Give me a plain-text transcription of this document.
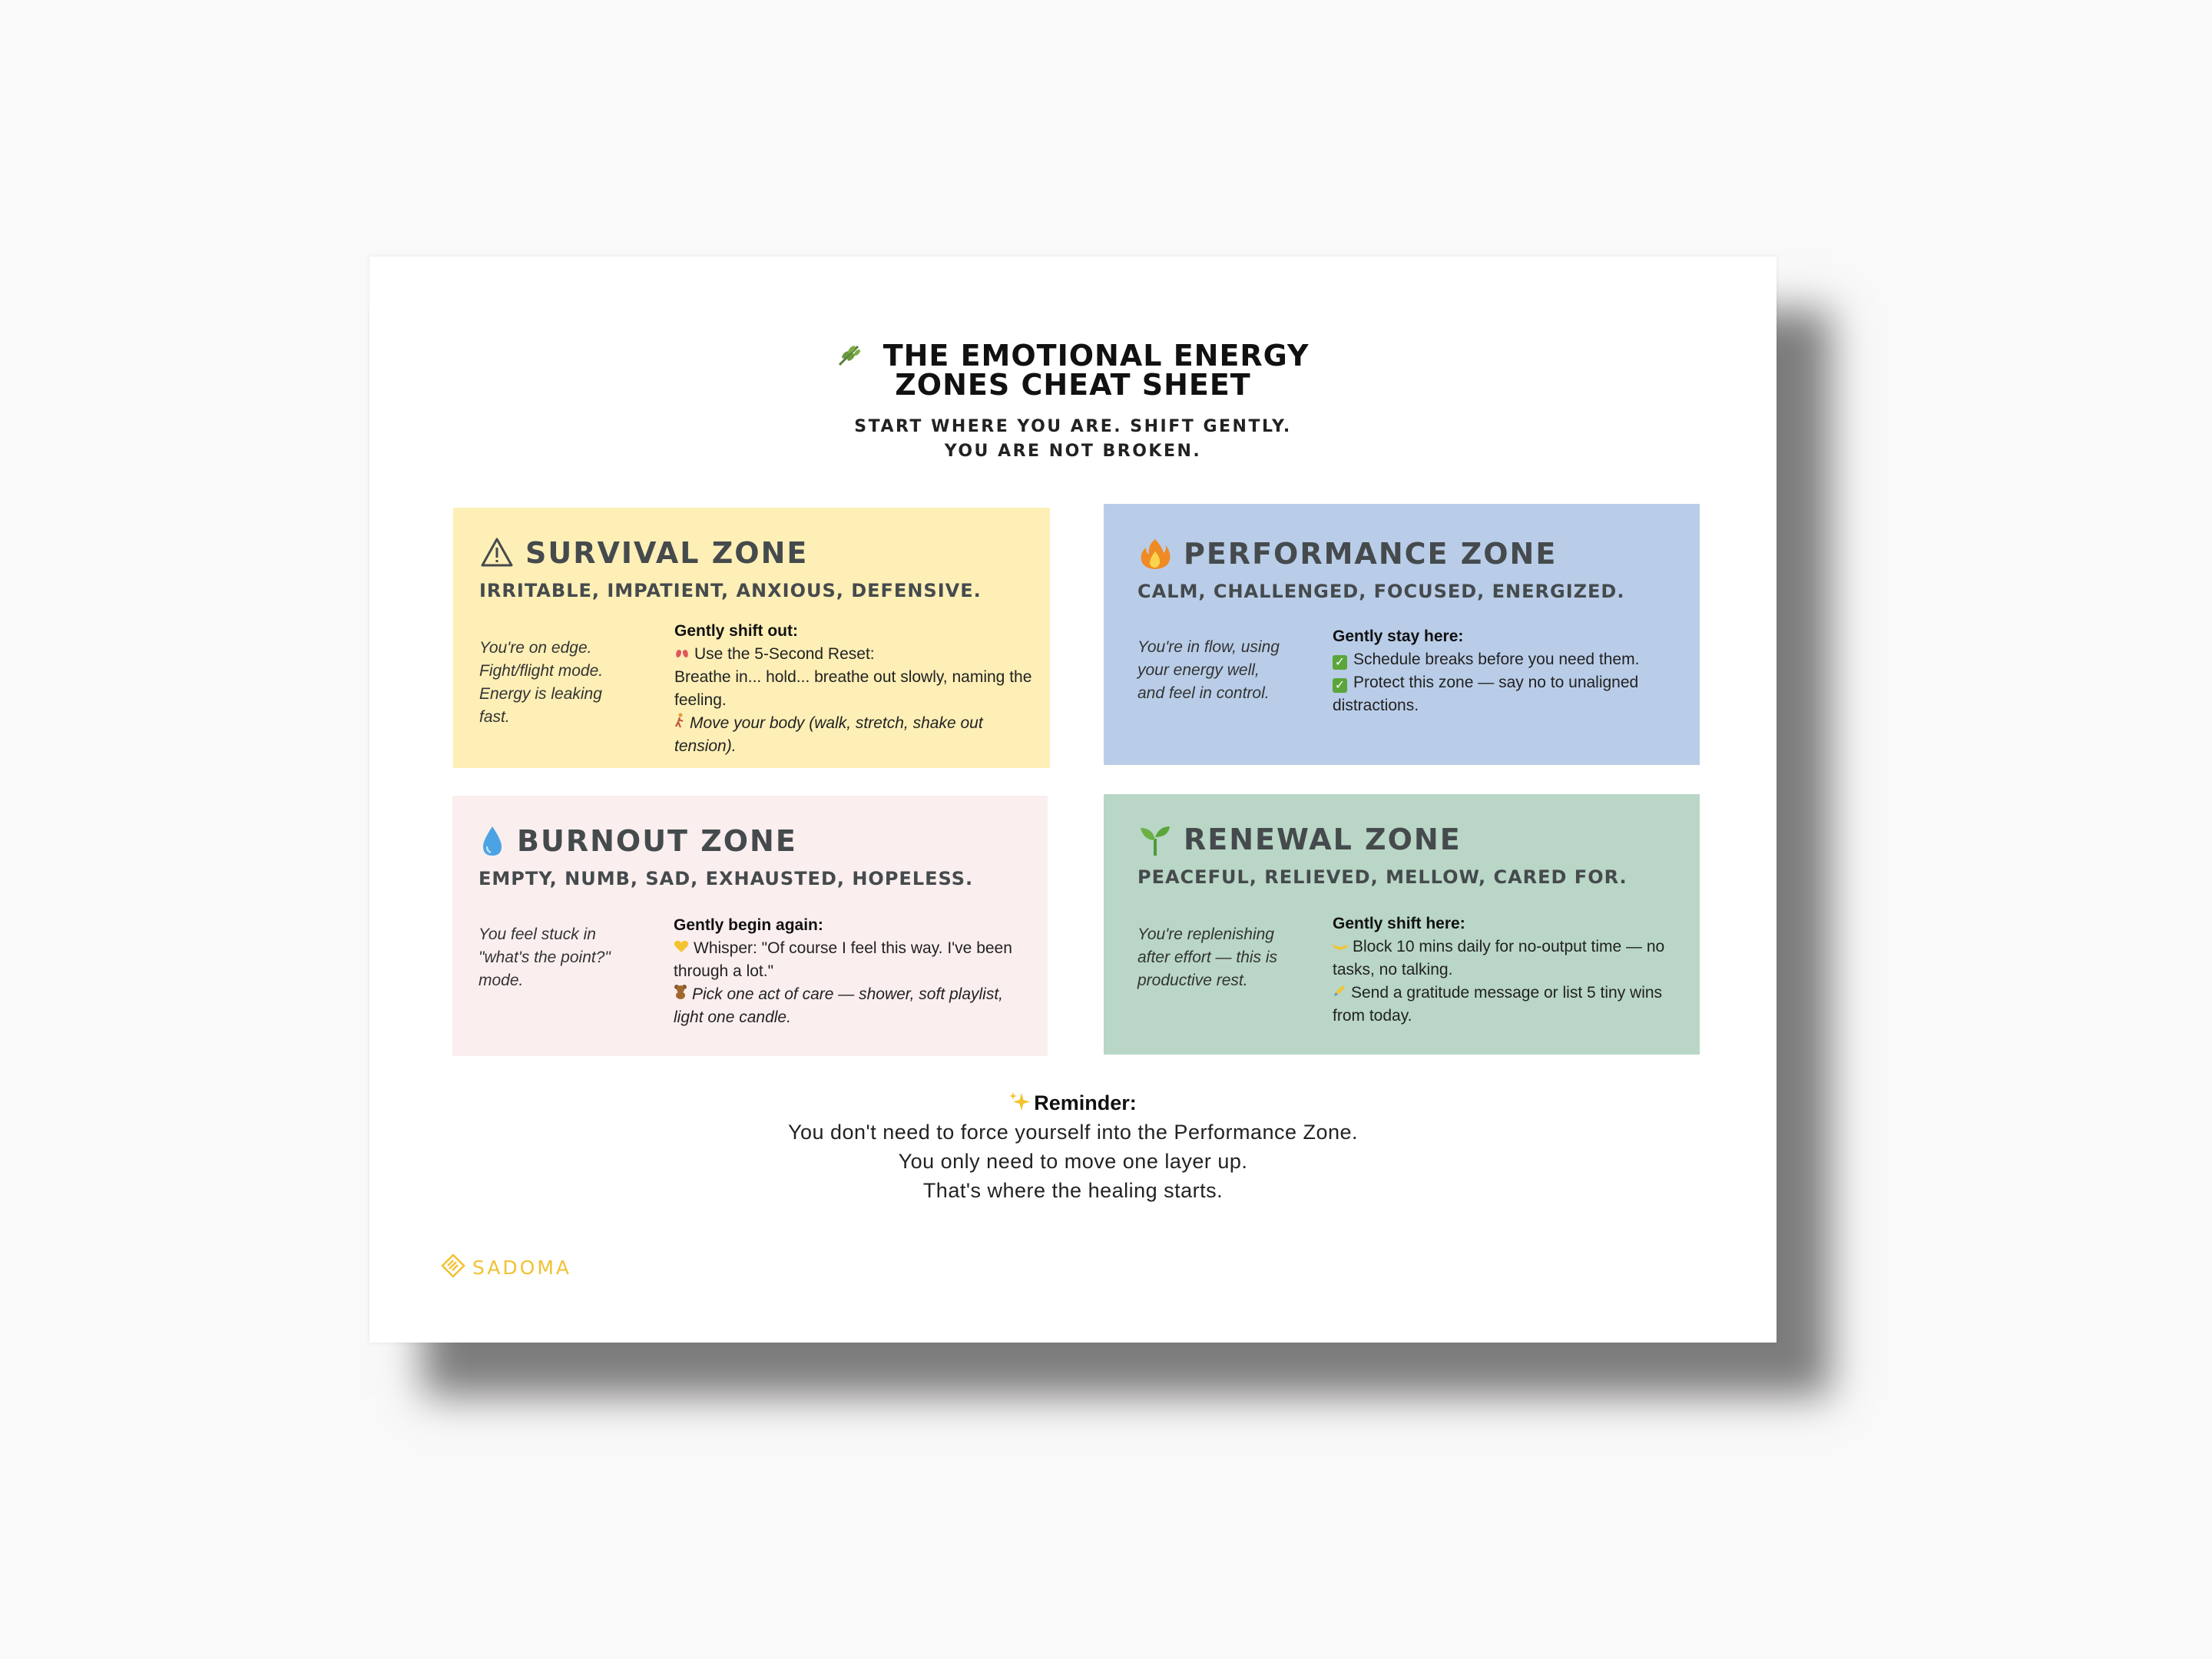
THE EMOTIONAL ENERGY
ZONES CHEAT SHEET
START WHERE YOU ARE. SHIFT GENTLY.
YOU ARE NOT BROKEN.
SURVIVAL ZONE
IRRITABLE, IMPATIENT, ANXIOUS, DEFENSIVE.
You're on edge.
Fight/flight mode.
Energy is leaking
fast.
Gently shift out:
Use the 5-Second Reset:
Breathe in... hold... breathe out slowly, naming the feeling.
Move your body (walk, stretch, shake out tension).
PERFORMANCE ZONE
CALM, CHALLENGED, FOCUSED, ENERGIZED.
You're in flow, using
your energy well,
and feel in control.
Gently stay here:
✓ Schedule breaks before you need them.
✓ Protect this zone — say no to unaligned distractions.
BURNOUT ZONE
EMPTY, NUMB, SAD, EXHAUSTED, HOPELESS.
You feel stuck in
"what's the point?"
mode.
Gently begin again:
Whisper: "Of course I feel this way. I've been through a lot."
Pick one act of care — shower, soft playlist, light one candle.
RENEWAL ZONE
PEACEFUL, RELIEVED, MELLOW, CARED FOR.
You're replenishing
after effort — this is
productive rest.
Gently shift here:
Block 10 mins daily for no-output time — no tasks, no talking.
Send a gratitude message or list 5 tiny wins from today.
Reminder:
You don't need to force yourself into the Performance Zone.
You only need to move one layer up.
That's where the healing starts.
SADOMA
